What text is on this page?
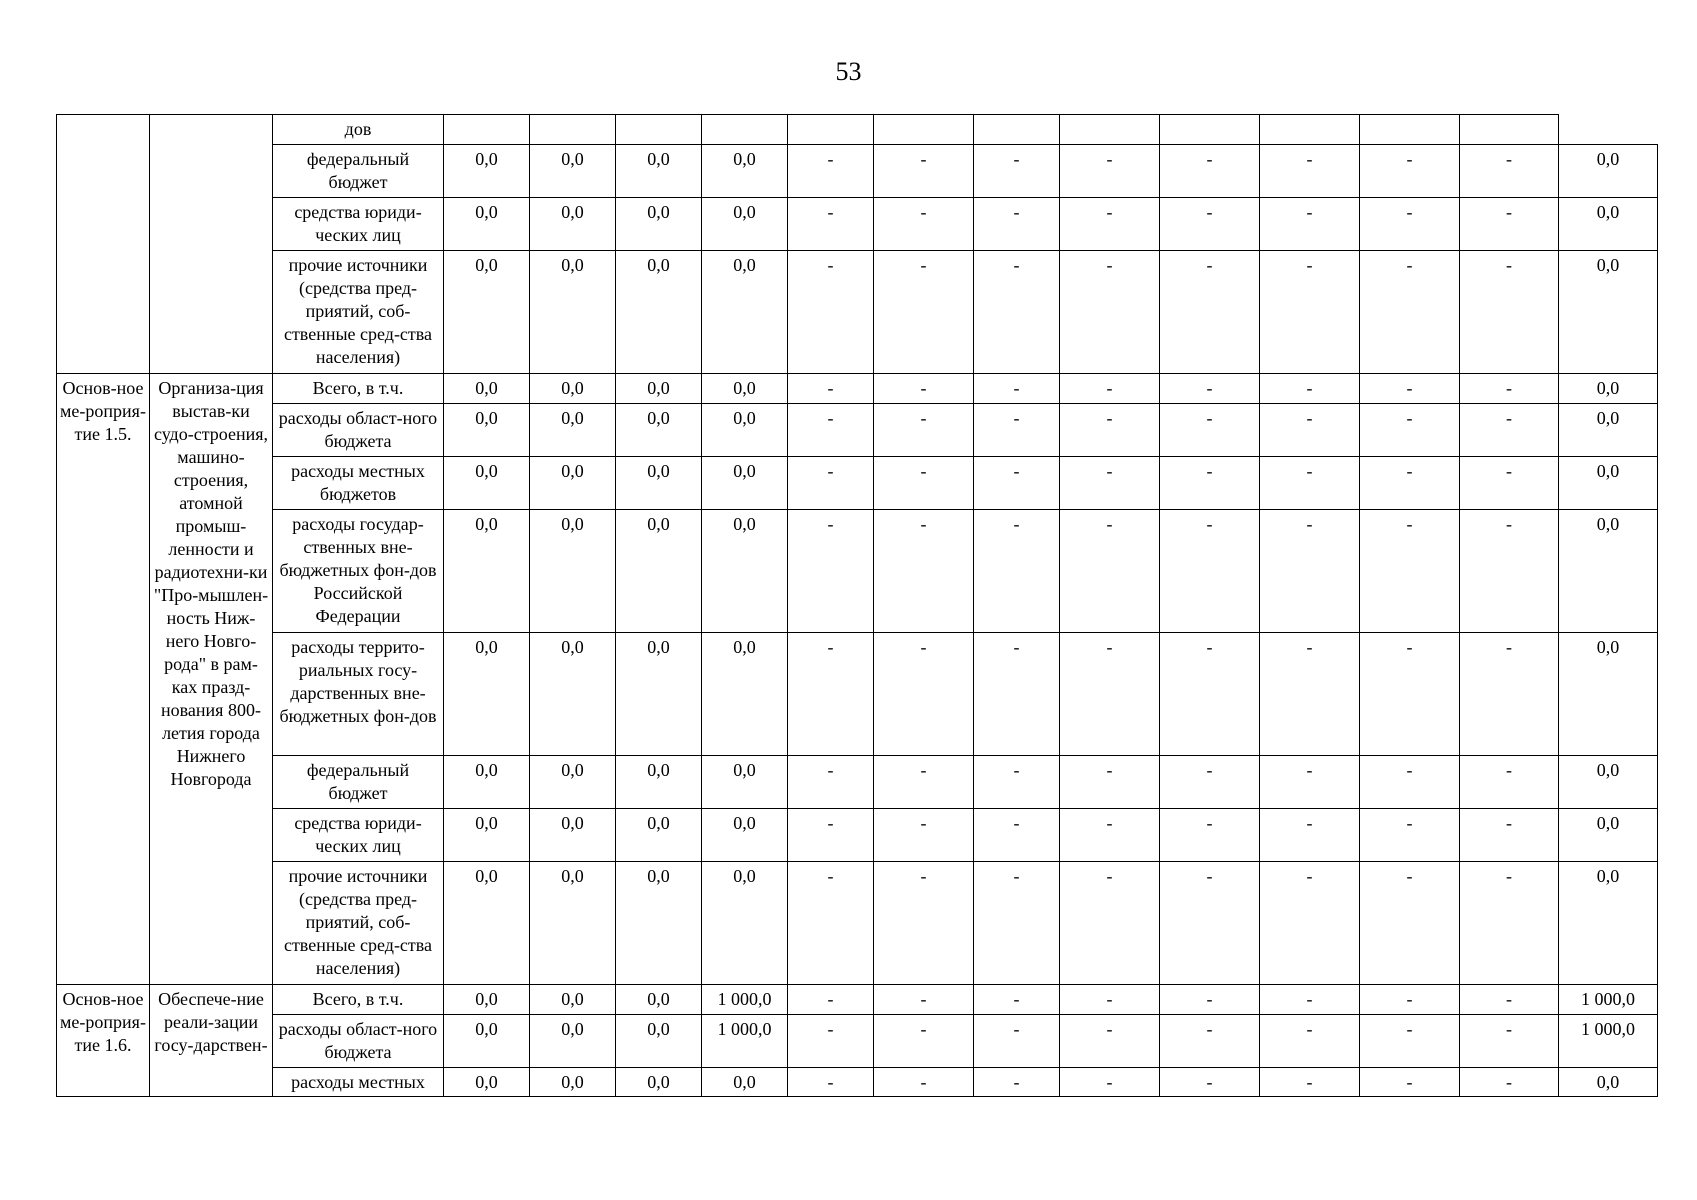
53
		дов													
		федеральный бюджет	0,0	0,0	0,0	0,0	-	-	-	-	-	-	-	-	0,0
		средства юриди-ческих лиц	0,0	0,0	0,0	0,0	-	-	-	-	-	-	-	-	0,0
		прочие источники (средства пред-приятий, соб-ственные сред-ства населения)	0,0	0,0	0,0	0,0	-	-	-	-	-	-	-	-	0,0
Основ-ное ме-роприя-тие 1.5.	Организа-ция выстав-ки судо-строения, машино-строения, атомной промыш-ленности и радиотехни-ки "Про-мышлен-ность Ниж-него Новго-рода" в рам-ках празд-нования 800-летия города Нижнего Новгорода	Всего, в т.ч.	0,0	0,0	0,0	0,0	-	-	-	-	-	-	-	-	0,0
		расходы област-ного бюджета	0,0	0,0	0,0	0,0	-	-	-	-	-	-	-	-	0,0
		расходы местных бюджетов	0,0	0,0	0,0	0,0	-	-	-	-	-	-	-	-	0,0
		расходы государ-ственных вне-бюджетных фон-дов Российской Федерации	0,0	0,0	0,0	0,0	-	-	-	-	-	-	-	-	0,0
		расходы террито-риальных госу-дарственных вне-бюджетных фон-дов	0,0	0,0	0,0	0,0	-	-	-	-	-	-	-	-	0,0
		федеральный бюджет	0,0	0,0	0,0	0,0	-	-	-	-	-	-	-	-	0,0
		средства юриди-ческих лиц	0,0	0,0	0,0	0,0	-	-	-	-	-	-	-	-	0,0
		прочие источники (средства пред-приятий, соб-ственные сред-ства населения)	0,0	0,0	0,0	0,0	-	-	-	-	-	-	-	-	0,0
Основ-ное ме-роприя-тие 1.6.	Обеспече-ние реали-зации госу-дарствен-	Всего, в т.ч.	0,0	0,0	0,0	1 000,0	-	-	-	-	-	-	-	-	1 000,0
		расходы област-ного бюджета	0,0	0,0	0,0	1 000,0	-	-	-	-	-	-	-	-	1 000,0
		расходы местных	0,0	0,0	0,0	0,0	-	-	-	-	-	-	-	-	0,0
